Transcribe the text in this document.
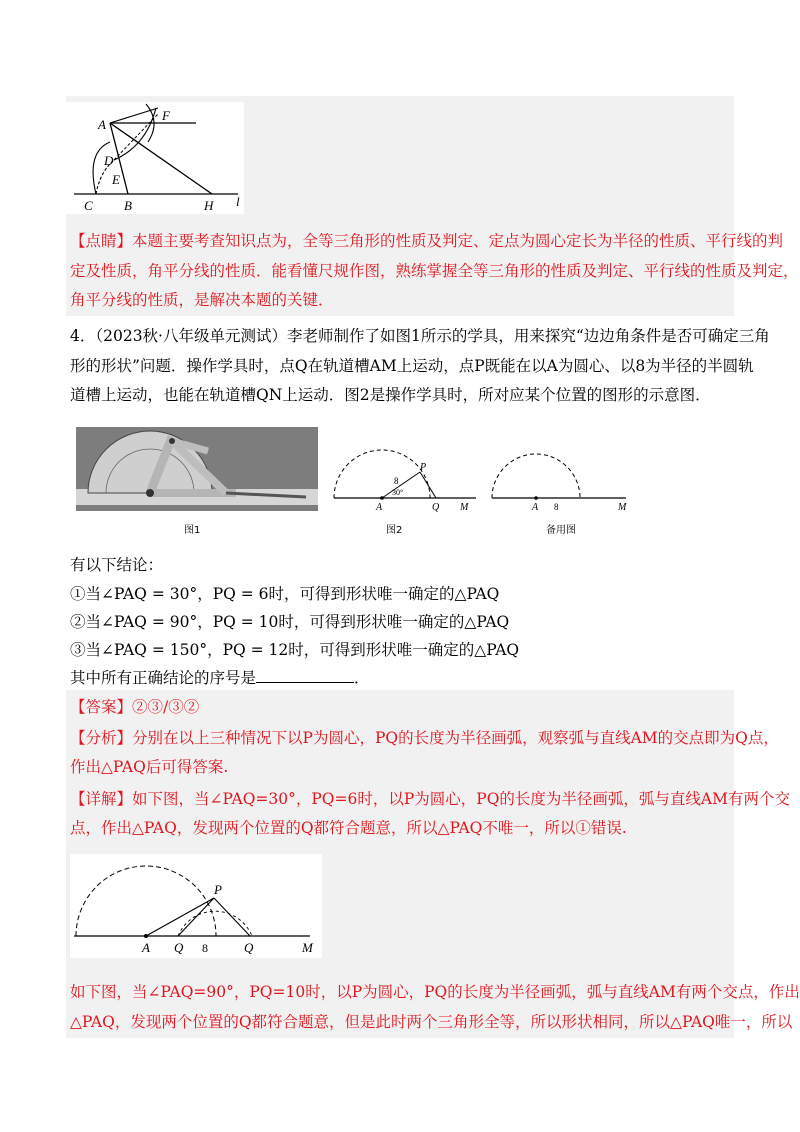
A
F
D
E
C B	H l
【点睛】本题主要考查知识点为，全等三角形的性质及判定、定点为圆心定长为半径的性质、平行线的判
定及性质，角平分线的性质．能看懂尺规作图，熟练掌握全等三角形的性质及判定、平行线的性质及判定，
角平分线的性质，是解决本题的关键．
4．（2023秋·八年级单元测试）李老师制作了如图1所示的学具，用来探究“边边角条件是否可确定三角
形的形状”问题．操作学具时，点Q在轨道槽AM上运动，点P既能在以A为圆心、以8为半径的半圆轨
道槽上运动，也能在轨道槽QN上运动．图2是操作学具时，所对应某个位置的图形的示意图．
图1
P
8
30°
A	Q M
图2
A 8	M
备用图
有以下结论：
①当∠PAQ = 30°，PQ = 6时，可得到形状唯一确定的△PAQ
②当∠PAQ = 90°，PQ = 10时，可得到形状唯一确定的△PAQ
③当∠PAQ = 150°，PQ = 12时，可得到形状唯一确定的△PAQ
其中所有正确结论的序号是	．
【答案】②③/③②
【分析】分别在以上三种情况下以P为圆心，PQ的长度为半径画弧，观察弧与直线AM的交点即为Q点，
作出△PAQ后可得答案.
【详解】如下图，当∠PAQ=30°，PQ=6时，以P为圆心，PQ的长度为半径画弧，弧与直线AM有两个交
点，作出△PAQ，发现两个位置的Q都符合题意，所以△PAQ不唯一，所以①错误.
P
A Q 8	Q	M
如下图，当∠PAQ=90°，PQ=10时，以P为圆心，PQ的长度为半径画弧，弧与直线AM有两个交点，作出
△PAQ，发现两个位置的Q都符合题意，但是此时两个三角形全等，所以形状相同，所以△PAQ唯一，所以
